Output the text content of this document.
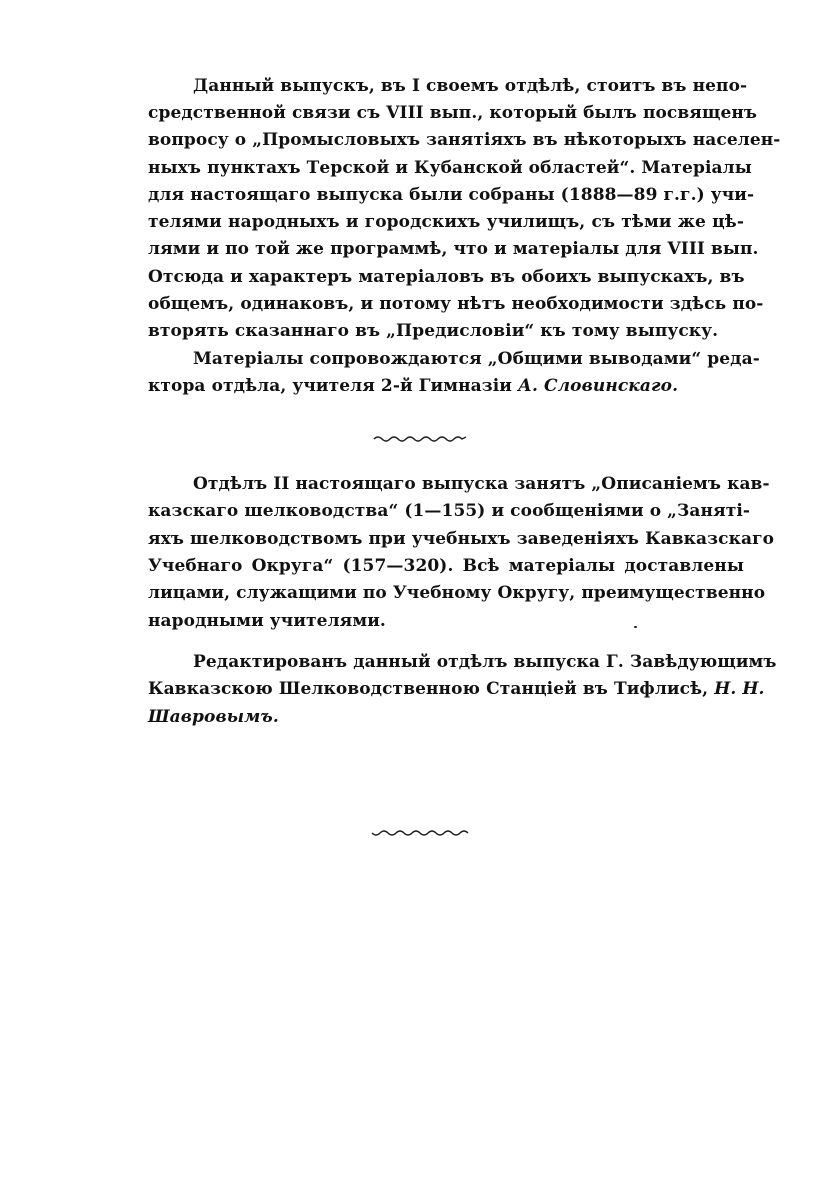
Данный выпускъ, въ I своемъ отдѣлѣ, стоитъ въ непо-
средственной связи съ VIII вып., который былъ посвященъ
вопросу о „Промысловыхъ занятіяхъ въ нѣкоторыхъ населен-
ныхъ пунктахъ Терской и Кубанской областей“. Матеріалы
для настоящаго выпуска были собраны (1888—89 г.г.) учи-
телями народныхъ и городскихъ училищъ, съ тѣми же цѣ-
лями и по той же программѣ, что и матеріалы для VIII вып.
Отсюда и характеръ матеріаловъ въ обоихъ выпускахъ, въ
общемъ, одинаковъ, и потому нѣтъ необходимости здѣсь по-
вторять сказаннаго въ „Предисловіи“ къ тому выпуску.
Матеріалы сопровождаются „Общими выводами“ реда-
ктора отдѣла, учителя 2-й Гимназіи А. Словинскаго.
Отдѣлъ II настоящаго выпуска занятъ „Описаніемъ кав-
казскаго шелководства“ (1—155) и сообщеніями о „Заняті-
яхъ шелководствомъ при учебныхъ заведеніяхъ Кавказскаго
Учебнаго Округа“ (157—320). Всѣ матеріалы доставлены
лицами, служащими по Учебному Округу, преимущественно
народными учителями.
Редактированъ данный отдѣлъ выпуска Г. Завѣдующимъ
Кавказскою Шелководственною Станціей въ Тифлисѣ, Н. Н.
Шавровымъ.
